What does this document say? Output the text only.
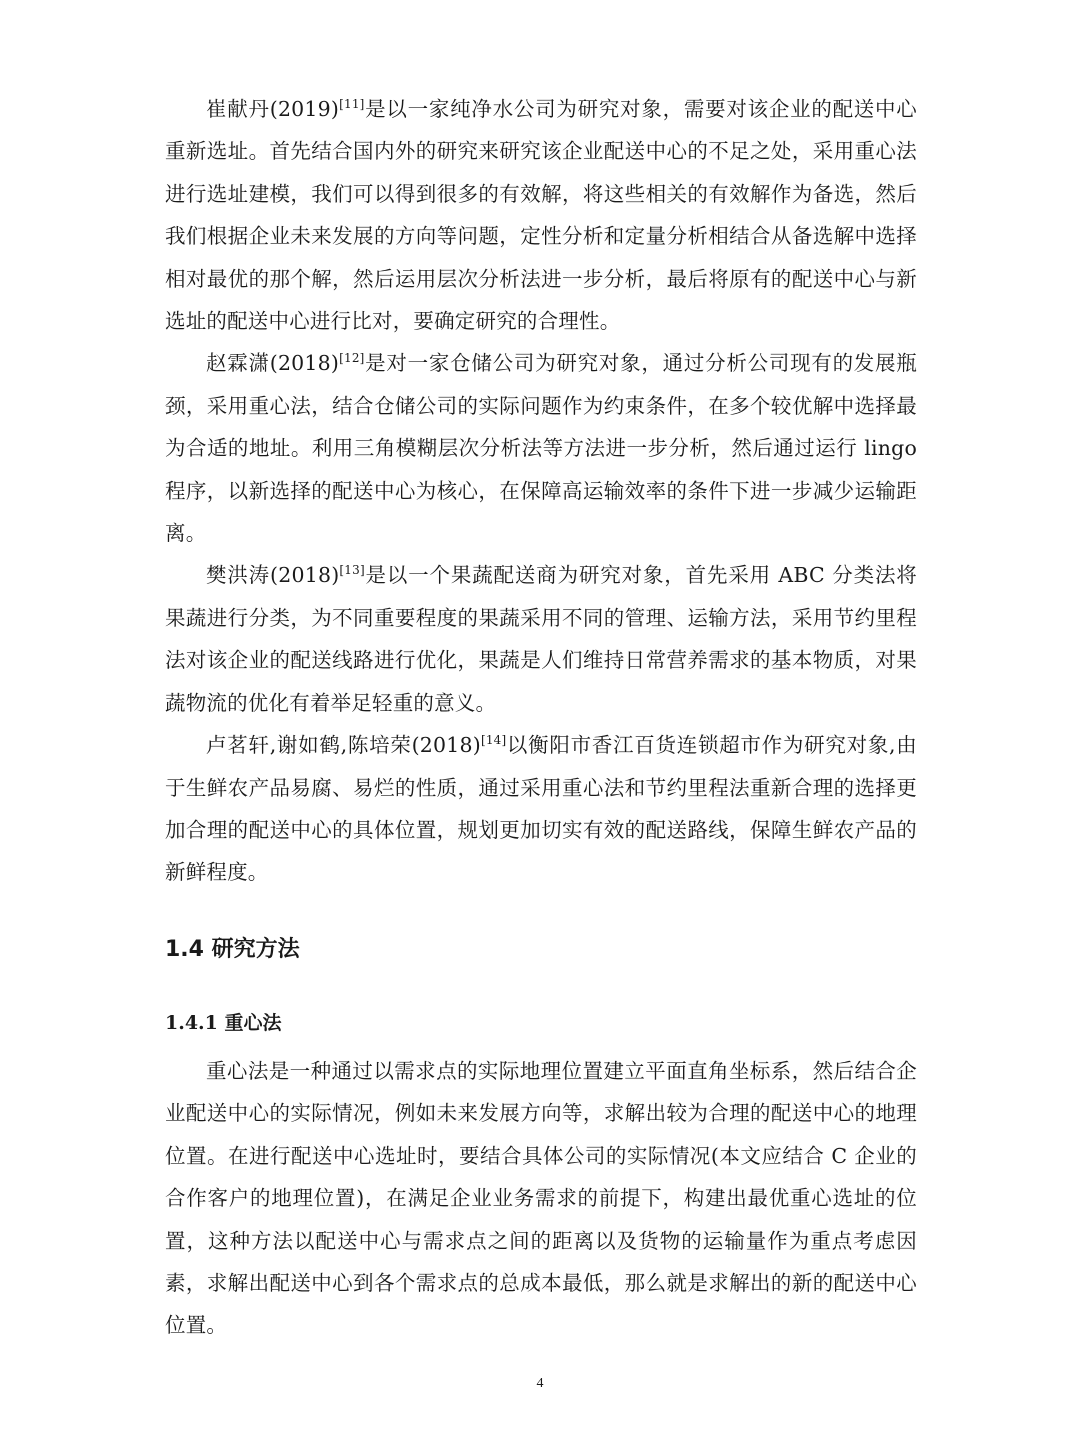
崔献丹(2019)[11]是以一家纯净水公司为研究对象，需要对该企业的配送中心重新选址。首先结合国内外的研究来研究该企业配送中心的不足之处，采用重心法进行选址建模，我们可以得到很多的有效解，将这些相关的有效解作为备选，然后我们根据企业未来发展的方向等问题，定性分析和定量分析相结合从备选解中选择相对最优的那个解，然后运用层次分析法进一步分析，最后将原有的配送中心与新选址的配送中心进行比对，要确定研究的合理性。

赵霖潇(2018)[12]是对一家仓储公司为研究对象，通过分析公司现有的发展瓶颈，采用重心法，结合仓储公司的实际问题作为约束条件，在多个较优解中选择最为合适的地址。利用三角模糊层次分析法等方法进一步分析，然后通过运行 lingo 程序，以新选择的配送中心为核心，在保障高运输效率的条件下进一步减少运输距离。

樊洪涛(2018)[13]是以一个果蔬配送商为研究对象，首先采用 ABC 分类法将果蔬进行分类，为不同重要程度的果蔬采用不同的管理、运输方法，采用节约里程法对该企业的配送线路进行优化，果蔬是人们维持日常营养需求的基本物质，对果蔬物流的优化有着举足轻重的意义。

卢茗轩,谢如鹤,陈培荣(2018)[14]以衡阳市香江百货连锁超市作为研究对象,由于生鲜农产品易腐、易烂的性质，通过采用重心法和节约里程法重新合理的选择更加合理的配送中心的具体位置，规划更加切实有效的配送路线，保障生鲜农产品的新鲜程度。

1.4 研究方法
1.4.1 重心法

重心法是一种通过以需求点的实际地理位置建立平面直角坐标系，然后结合企业配送中心的实际情况，例如未来发展方向等，求解出较为合理的配送中心的地理位置。在进行配送中心选址时，要结合具体公司的实际情况(本文应结合 C 企业的合作客户的地理位置)，在满足企业业务需求的前提下，构建出最优重心选址的位置，这种方法以配送中心与需求点之间的距离以及货物的运输量作为重点考虑因素，求解出配送中心到各个需求点的总成本最低，那么就是求解出的新的配送中心位置。

4
